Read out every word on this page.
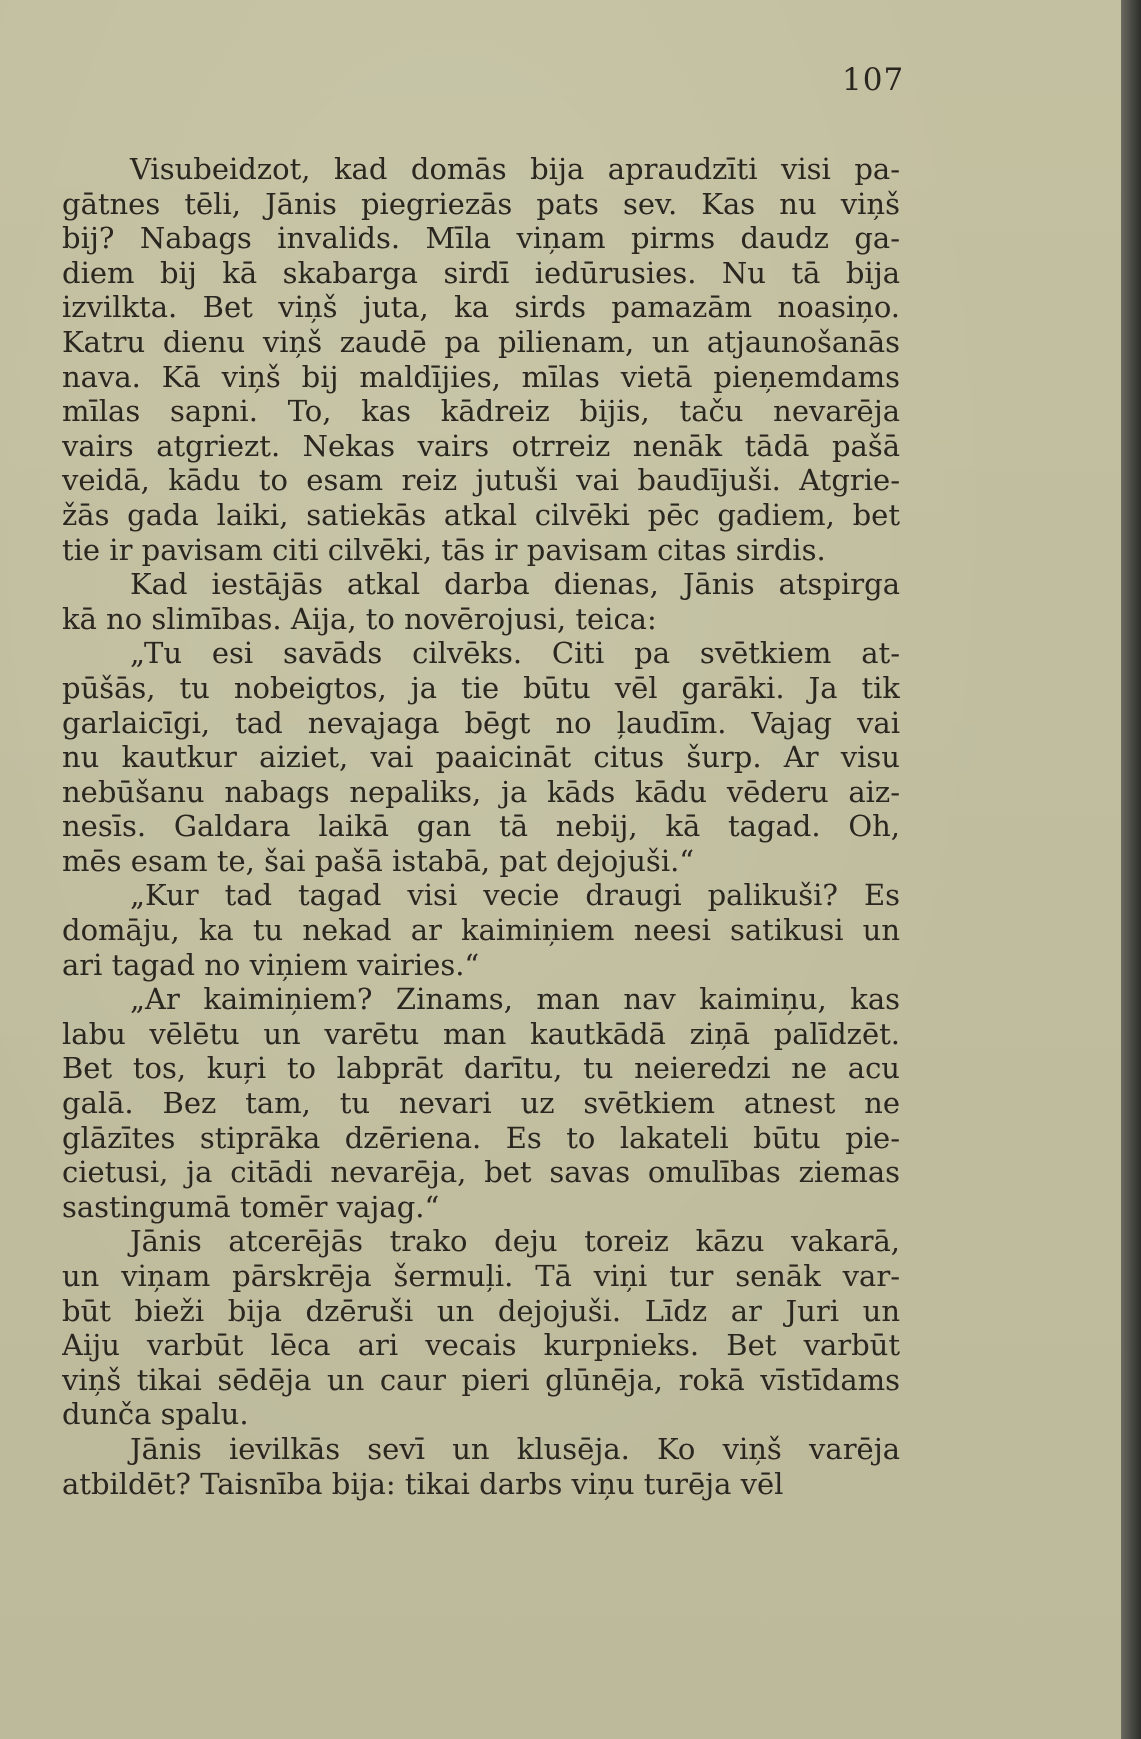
107
Visubeidzot, kad domās bija apraudzīti visi pa-
gātnes tēli, Jānis piegriezās pats sev. Kas nu viņš
bij? Nabags invalids. Mīla viņam pirms daudz ga-
diem bij kā skabarga sirdī iedūrusies. Nu tā bija
izvilkta. Bet viņš juta, ka sirds pamazām noasiņo.
Katru dienu viņš zaudē pa pilienam, un atjaunošanās
nava. Kā viņš bij maldījies, mīlas vietā pieņemdams
mīlas sapni. To, kas kādreiz bijis, taču nevarēja
vairs atgriezt. Nekas vairs otrreiz nenāk tādā pašā
veidā, kādu to esam reiz jutuši vai baudījuši. Atgrie-
žās gada laiki, satiekās atkal cilvēki pēc gadiem, bet
tie ir pavisam citi cilvēki, tās ir pavisam citas sirdis.
Kad iestājās atkal darba dienas, Jānis atspirga
kā no slimības. Aija, to novērojusi, teica:
„Tu esi savāds cilvēks. Citi pa svētkiem at-
pūšās, tu nobeigtos, ja tie būtu vēl garāki. Ja tik
garlaicīgi, tad nevajaga bēgt no ļaudīm. Vajag vai
nu kautkur aiziet, vai paaicināt citus šurp. Ar visu
nebūšanu nabags nepaliks, ja kāds kādu vēderu aiz-
nesīs. Galdara laikā gan tā nebij, kā tagad. Oh,
mēs esam te, šai pašā istabā, pat dejojuši.“
„Kur tad tagad visi vecie draugi palikuši? Es
domāju, ka tu nekad ar kaimiņiem neesi satikusi un
ari tagad no viņiem vairies.“
„Ar kaimiņiem? Zinams, man nav kaimiņu, kas
labu vēlētu un varētu man kautkādā ziņā palīdzēt.
Bet tos, kuŗi to labprāt darītu, tu neieredzi ne acu
galā. Bez tam, tu nevari uz svētkiem atnest ne
glāzītes stiprāka dzēriena. Es to lakateli būtu pie-
cietusi, ja citādi nevarēja, bet savas omulības ziemas
sastingumā tomēr vajag.“
Jānis atcerējās trako deju toreiz kāzu vakarā,
un viņam pārskrēja šermuļi. Tā viņi tur senāk var-
būt bieži bija dzēruši un dejojuši. Līdz ar Juri un
Aiju varbūt lēca ari vecais kurpnieks. Bet varbūt
viņš tikai sēdēja un caur pieri glūnēja, rokā vīstīdams
dunča spalu.
Jānis ievilkās sevī un klusēja. Ko viņš varēja
atbildēt? Taisnība bija: tikai darbs viņu turēja vēl
